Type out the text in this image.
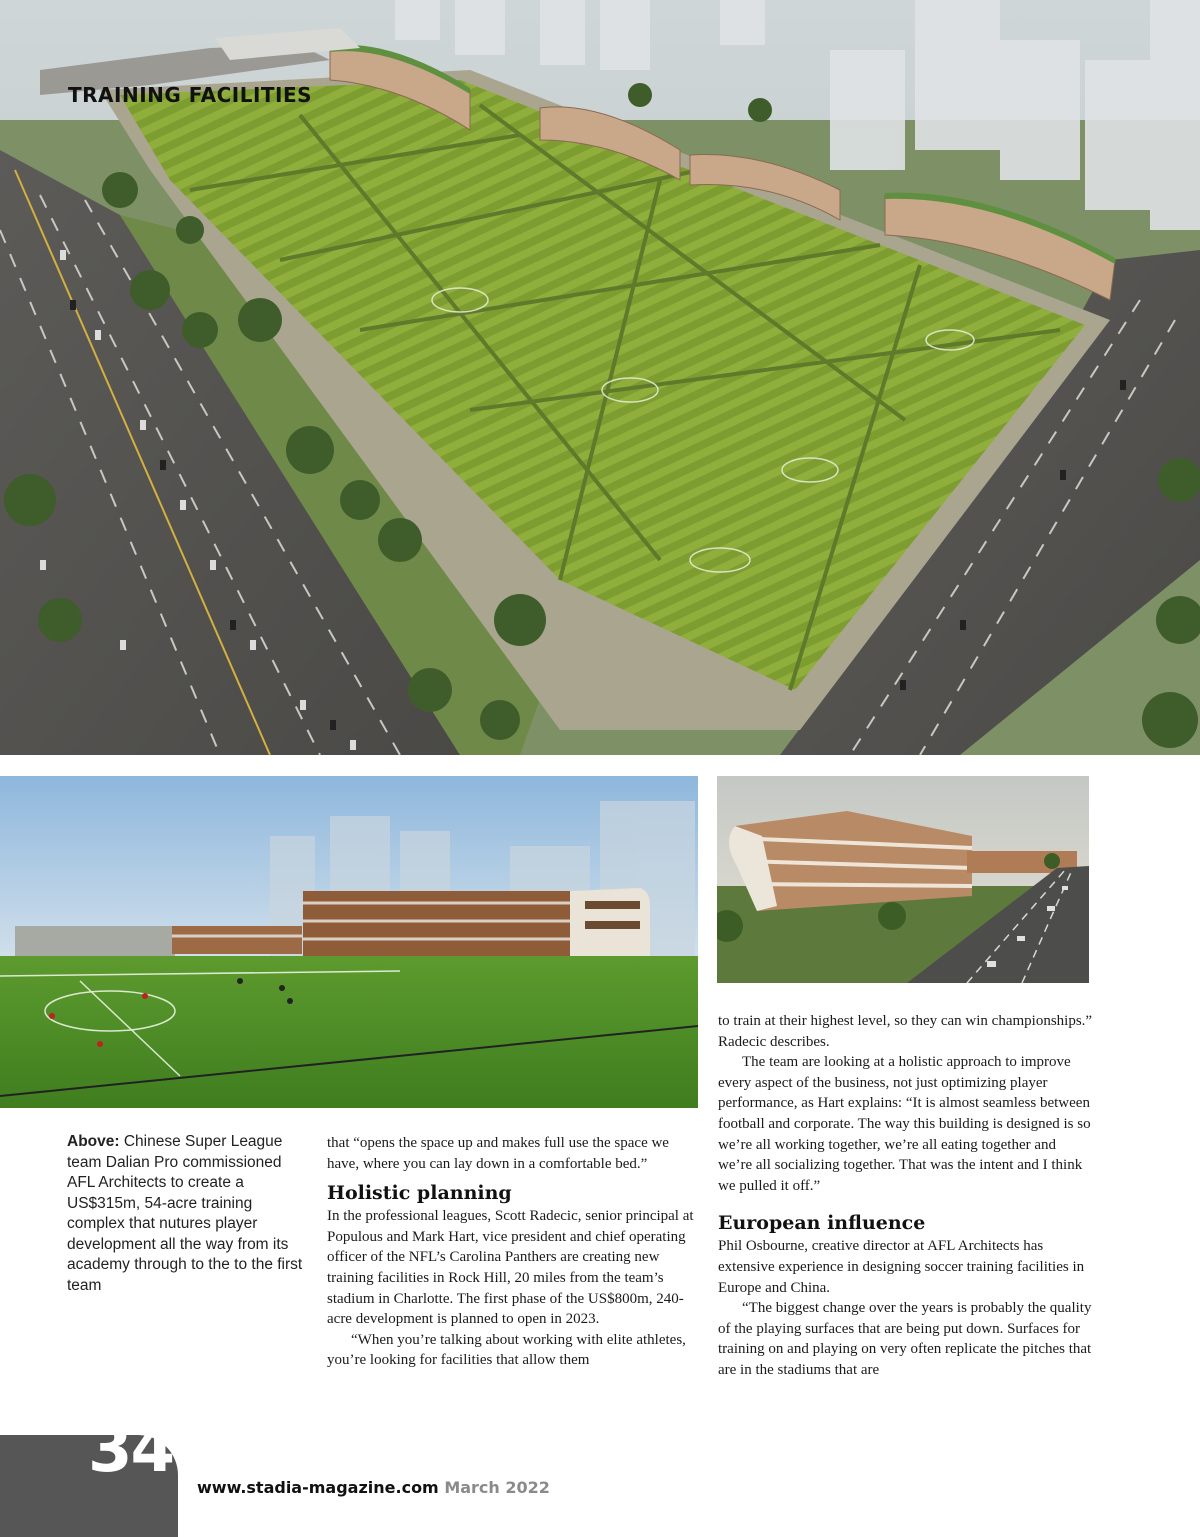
TRAINING FACILITIES
Above: Chinese Super League team Dalian Pro commissioned AFL Architects to create a US$315m, 54-acre training complex that nutures player development all the way from its academy through to the to the first team

that “opens the space up and makes full use the space we have, where you can lay down in a comfortable bed.”

Holistic planning

In the professional leagues, Scott Radecic, senior principal at Populous and Mark Hart, vice president and chief operating officer of the NFL’s Carolina Panthers are creating new training facilities in Rock Hill, 20 miles from the team’s stadium in Charlotte. The first phase of the US$800m, 240-acre development is planned to open in 2023.

“When you’re talking about working with elite athletes, you’re looking for facilities that allow them

to train at their highest level, so they can win championships.” Radecic describes.

The team are looking at a holistic approach to improve every aspect of the business, not just optimizing player performance, as Hart explains: “It is almost seamless between football and corporate. The way this building is designed is so we’re all working together, we’re all eating together and we’re all socializing together. That was the intent and I think we pulled it off.”

European influence

Phil Osbourne, creative director at AFL Architects has extensive experience in designing soccer training facilities in Europe and China.

“The biggest change over the years is probably the quality of the playing surfaces that are being put down. Surfaces for training on and playing on very often replicate the pitches that are in the stadiums that are

34
www.stadia-magazine.com March 2022
